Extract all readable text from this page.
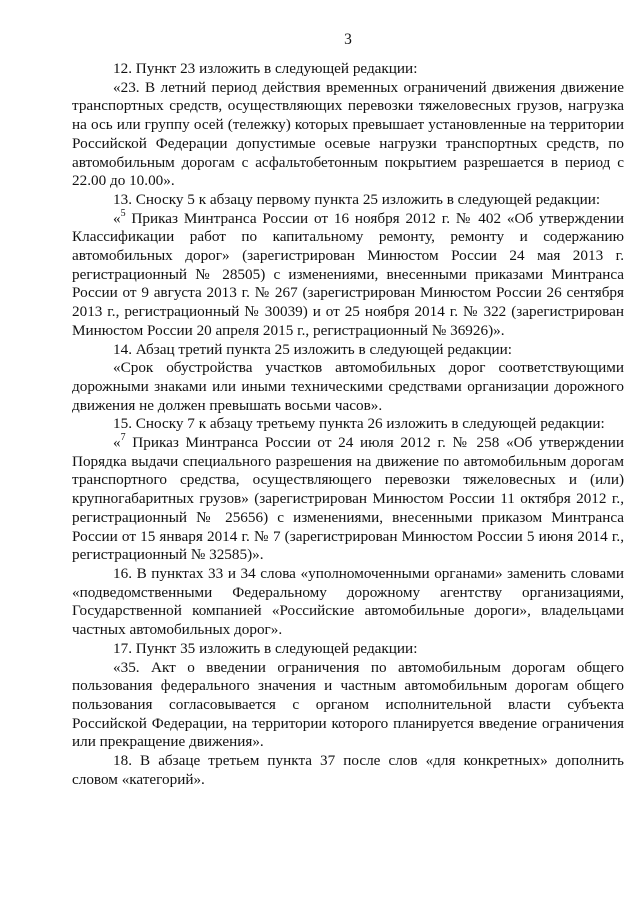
3

12. Пункт 23 изложить в следующей редакции:

«23. В летний период действия временных ограничений движения движение транспортных средств, осуществляющих перевозки тяжеловесных грузов, нагрузка на ось или группу осей (тележку) которых превышает установленные на территории Российской Федерации допустимые осевые нагрузки транспортных средств, по автомобильным дорогам с асфальтобетонным покрытием разрешается в период с 22.00 до 10.00».

13. Сноску 5 к абзацу первому пункта 25 изложить в следующей редакции:

«$^5$ Приказ Минтранса России от 16 ноября 2012 г. № 402 «Об утверждении Классификации работ по капитальному ремонту, ремонту и содержанию автомобильных дорог» (зарегистрирован Минюстом России 24 мая 2013 г. регистрационный № 28505) с изменениями, внесенными приказами Минтранса России от 9 августа 2013 г. № 267 (зарегистрирован Минюстом России 26 сентября 2013 г., регистрационный № 30039) и от 25 ноября 2014 г. № 322 (зарегистрирован Минюстом России 20 апреля 2015 г., регистрационный № 36926)».

14. Абзац третий пункта 25 изложить в следующей редакции:

«Срок обустройства участков автомобильных дорог соответствующими дорожными знаками или иными техническими средствами организации дорожного движения не должен превышать восьми часов».

15. Сноску 7 к абзацу третьему пункта 26 изложить в следующей редакции:

«$^7$ Приказ Минтранса России от 24 июля 2012 г. № 258 «Об утверждении Порядка выдачи специального разрешения на движение по автомобильным дорогам транспортного средства, осуществляющего перевозки тяжеловесных и (или) крупногабаритных грузов» (зарегистрирован Минюстом России 11 октября 2012 г., регистрационный № 25656) с изменениями, внесенными приказом Минтранса России от 15 января 2014 г. № 7 (зарегистрирован Минюстом России 5 июня 2014 г., регистрационный № 32585)».

16. В пунктах 33 и 34 слова «уполномоченными органами» заменить словами «подведомственными Федеральному дорожному агентству организациями, Государственной компанией «Российские автомобильные дороги», владельцами частных автомобильных дорог».

17. Пункт 35 изложить в следующей редакции:

«35. Акт о введении ограничения по автомобильным дорогам общего пользования федерального значения и частным автомобильным дорогам общего пользования согласовывается с органом исполнительной власти субъекта Российской Федерации, на территории которого планируется введение ограничения или прекращение движения».

18. В абзаце третьем пункта 37 после слов «для конкретных» дополнить словом «категорий».
